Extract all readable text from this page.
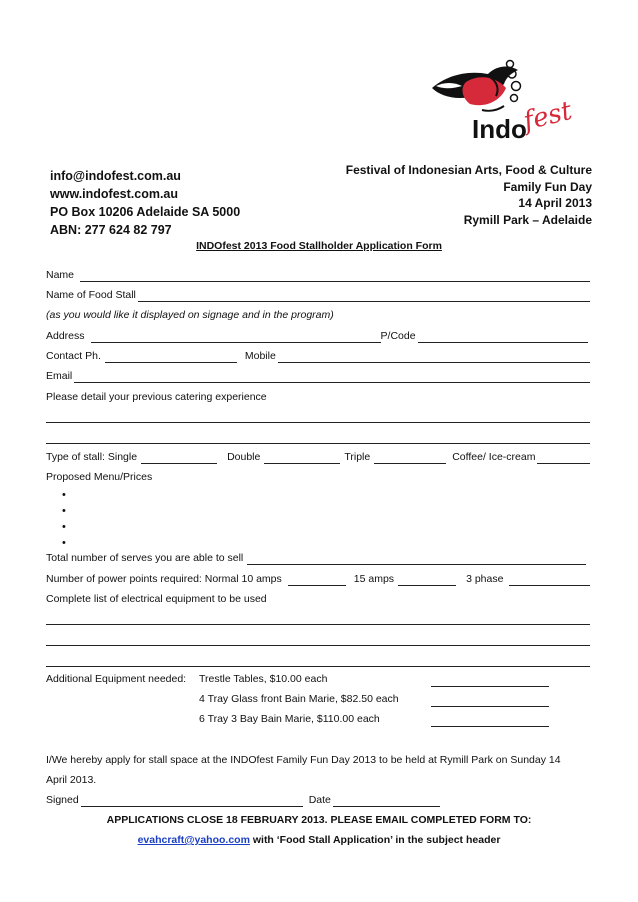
Indo
fest
info@indofest.com.au
www.indofest.com.au
PO Box 10206 Adelaide SA 5000
ABN: 277 624 82 797
Festival of Indonesian Arts, Food & Culture
Family Fun Day
14 April 2013
Rymill Park – Adelaide
INDOfest 2013 Food Stallholder Application Form
Name
Name of Food Stall
(as you would like it displayed on signage and in the program)
Address	P/Code
Contact Ph.	Mobile
Email
Please detail your previous catering experience
Type of stall: Single	Double	Triple	Coffee/ Ice-cream
Proposed Menu/Prices
•
•
•
•
Total number of serves you are able to sell
Number of power points required: Normal 10 amps	15 amps	3 phase
Complete list of electrical equipment to be used
Additional Equipment needed: Trestle Tables, $10.00 each
4 Tray Glass front Bain Marie, $82.50 each
6 Tray 3 Bay Bain Marie, $110.00 each
I/We hereby apply for stall space at the INDOfest Family Fun Day 2013 to be held at Rymill Park on Sunday 14
April 2013.
Signed	Date
APPLICATIONS CLOSE 18 FEBRUARY 2013. PLEASE EMAIL COMPLETED FORM TO:
evahcraft@yahoo.com with ‘Food Stall Application’ in the subject header
